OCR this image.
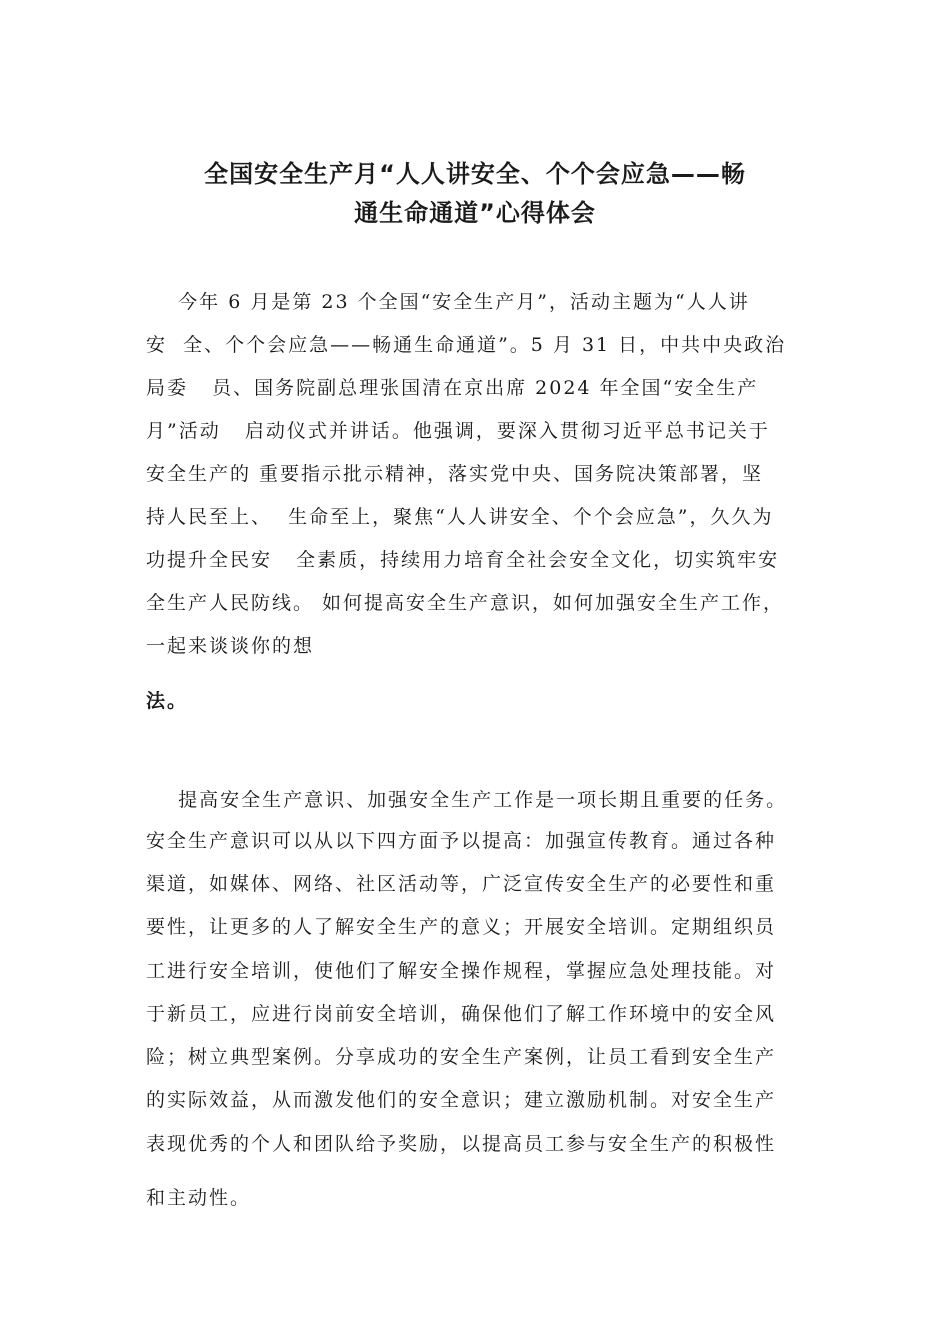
全国安全生产月“人人讲安全、个个会应急——畅
通生命通道”心得体会

今年 6 月是第 23 个全国“安全生产月”，活动主题为“人人讲

安  全、个个会应急——畅通生命通道”。5 月 31 日，中共中央政治

局委   员、国务院副总理张国清在京出席 2024 年全国“安全生产

月”活动   启动仪式并讲话。他强调，要深入贯彻习近平总书记关于

安全生产的 重要指示批示精神，落实党中央、国务院决策部署，坚

持人民至上、  生命至上，聚焦“人人讲安全、个个会应急”，久久为

功提升全民安   全素质，持续用力培育全社会安全文化，切实筑牢安

全生产人民防线。 如何提高安全生产意识，如何加强安全生产工作，

一起来谈谈你的想

法。

提高安全生产意识、加强安全生产工作是一项长期且重要的任务。

安全生产意识可以从以下四方面予以提高：加强宣传教育。通过各种

渠道，如媒体、网络、社区活动等，广泛宣传安全生产的必要性和重

要性，让更多的人了解安全生产的意义；开展安全培训。定期组织员

工进行安全培训，使他们了解安全操作规程，掌握应急处理技能。对

于新员工，应进行岗前安全培训，确保他们了解工作环境中的安全风

险；树立典型案例。分享成功的安全生产案例，让员工看到安全生产

的实际效益，从而激发他们的安全意识；建立激励机制。对安全生产

表现优秀的个人和团队给予奖励，以提高员工参与安全生产的积极性

和主动性。
